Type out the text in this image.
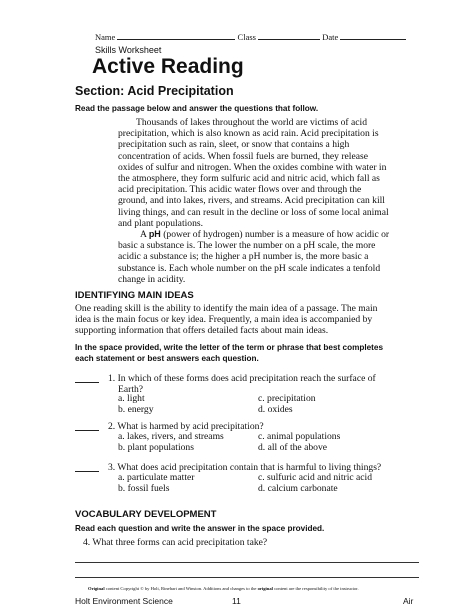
Name	Class	Date
Skills Worksheet
Active Reading
Section: Acid Precipitation
Read the passage below and answer the questions that follow.
Thousands of lakes throughout the world are victims of acid
precipitation, which is also known as acid rain. Acid precipitation is
precipitation such as rain, sleet, or snow that contains a high
concentration of acids. When fossil fuels are burned, they release
oxides of sulfur and nitrogen. When the oxides combine with water in
the atmosphere, they form sulfuric acid and nitric acid, which fall as
acid precipitation. This acidic water flows over and through the
ground, and into lakes, rivers, and streams. Acid precipitation can kill
living things, and can result in the decline or loss of some local animal
and plant populations.
A pH (power of hydrogen) number is a measure of how acidic or
basic a substance is. The lower the number on a pH scale, the more
acidic a substance is; the higher a pH number is, the more basic a
substance is. Each whole number on the pH scale indicates a tenfold
change in acidity.
IDENTIFYING MAIN IDEAS
One reading skill is the ability to identify the main idea of a passage. The main
idea is the main focus or key idea. Frequently, a main idea is accompanied by
supporting information that offers detailed facts about main ideas.
In the space provided, write the letter of the term or phrase that best completes
each statement or best answers each question.
1. In which of these forms does acid precipitation reach the surface of
Earth?
a. light	c. precipitation
b. energy	d. oxides
2. What is harmed by acid precipitation?
a. lakes, rivers, and streams	c. animal populations
b. plant populations	d. all of the above
3. What does acid precipitation contain that is harmful to living things?
a. particulate matter	c. sulfuric acid and nitric acid
b. fossil fuels	d. calcium carbonate
VOCABULARY DEVELOPMENT
Read each question and write the answer in the space provided.
4. What three forms can acid precipitation take?
Original content Copyright © by Holt, Rinehart and Winston. Additions and changes to the original content are the responsibility of the instructor.
Holt Environment Science	11	Air
